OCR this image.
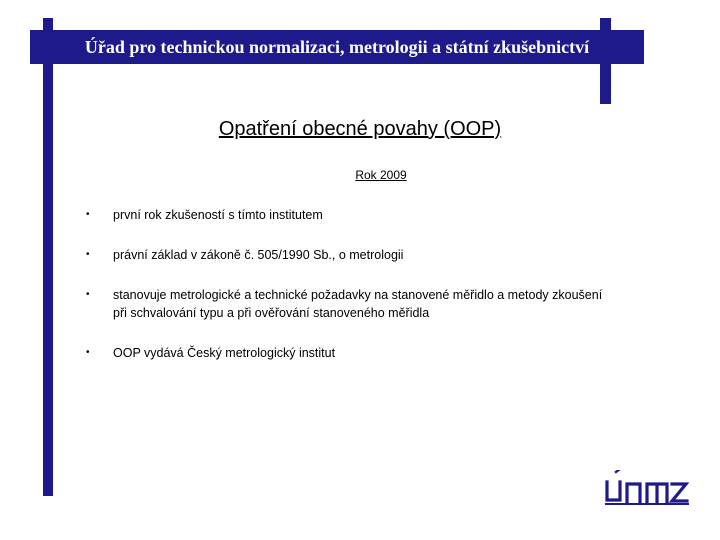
Úřad pro technickou normalizaci, metrologii a státní zkušebnictví
Opatření obecné povahy (OOP)
Rok 2009
• první rok zkušeností s tímto institutem
• právní základ v zákoně č. 505/1990 Sb., o metrologii
• stanovuje metrologické a technické požadavky na stanovené měřidlo a metody zkoušení
při schvalování typu a při ověřování stanoveného měřidla
• OOP vydává Český metrologický institut
